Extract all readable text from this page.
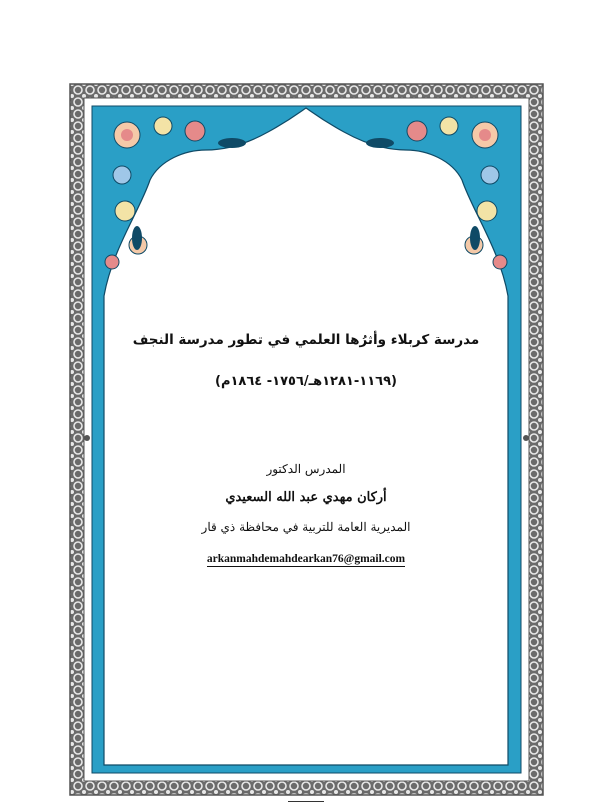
مدرسة كربلاء وأثرُها العلمي في تطور مدرسة النجف

(١١٦٩-١٢٨١هـ/١٧٥٦- ١٨٦٤م)

المدرس الدكتور

أركان مهدي عبد الله السعيدي

المديرية العامة للتربية في محافظة ذي قار

arkanmahdemahdearkan76@gmail.com
